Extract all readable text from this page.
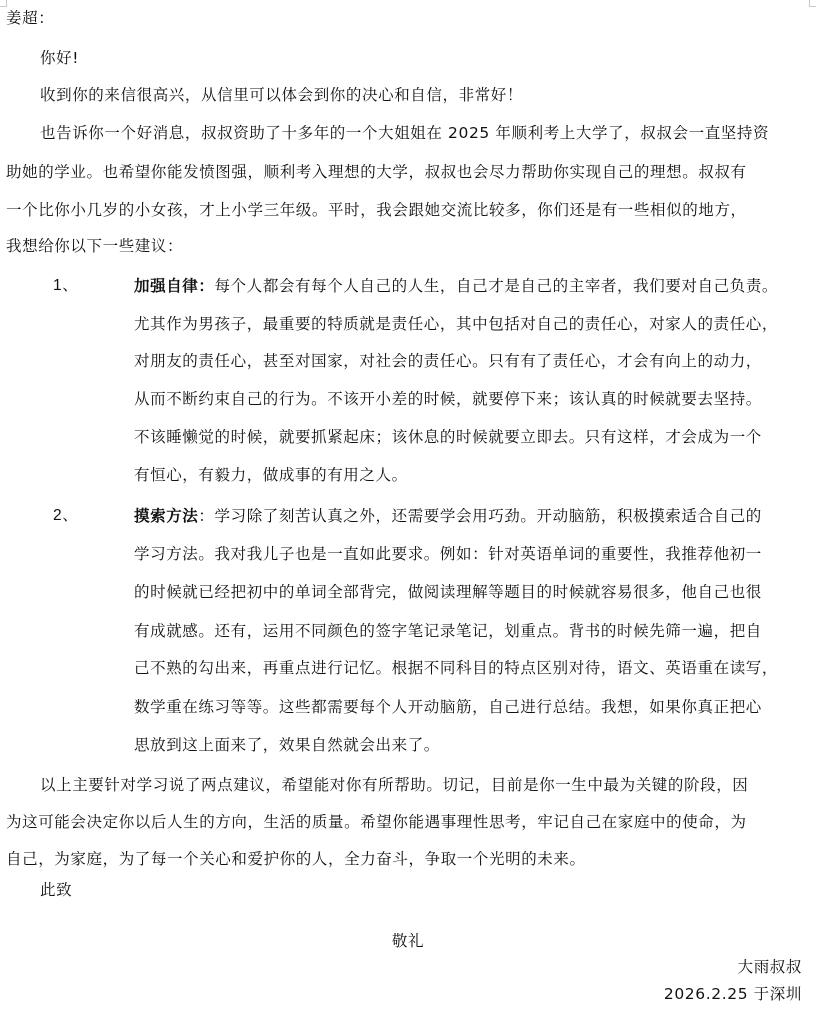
姜超：
你好!
收到你的来信很高兴，从信里可以体会到你的决心和自信，非常好！
也告诉你一个好消息，叔叔资助了十多年的一个大姐姐在 2025 年顺利考上大学了，叔叔会一直坚持资
助她的学业。也希望你能发愤图强，顺利考入理想的大学，叔叔也会尽力帮助你实现自己的理想。叔叔有
一个比你小几岁的小女孩，才上小学三年级。平时，我会跟她交流比较多，你们还是有一些相似的地方，
我想给你以下一些建议：
1、	加强自律：每个人都会有每个人自己的人生，自己才是自己的主宰者，我们要对自己负责。
尤其作为男孩子，最重要的特质就是责任心，其中包括对自己的责任心，对家人的责任心，
对朋友的责任心，甚至对国家，对社会的责任心。只有有了责任心，才会有向上的动力，
从而不断约束自己的行为。不该开小差的时候，就要停下来；该认真的时候就要去坚持。
不该睡懒觉的时候，就要抓紧起床；该休息的时候就要立即去。只有这样，才会成为一个
有恒心，有毅力，做成事的有用之人。
2、	摸索方法：学习除了刻苦认真之外，还需要学会用巧劲。开动脑筋，积极摸索适合自己的
学习方法。我对我儿子也是一直如此要求。例如：针对英语单词的重要性，我推荐他初一
的时候就已经把初中的单词全部背完，做阅读理解等题目的时候就容易很多，他自己也很
有成就感。还有，运用不同颜色的签字笔记录笔记，划重点。背书的时候先筛一遍，把自
己不熟的勾出来，再重点进行记忆。根据不同科目的特点区别对待，语文、英语重在读写，
数学重在练习等等。这些都需要每个人开动脑筋，自己进行总结。我想，如果你真正把心
思放到这上面来了，效果自然就会出来了。
以上主要针对学习说了两点建议，希望能对你有所帮助。切记，目前是你一生中最为关键的阶段，因
为这可能会决定你以后人生的方向，生活的质量。希望你能遇事理性思考，牢记自己在家庭中的使命，为
自己，为家庭，为了每一个关心和爱护你的人，全力奋斗，争取一个光明的未来。
此致
敬礼
大雨叔叔
2026.2.25 于深圳
